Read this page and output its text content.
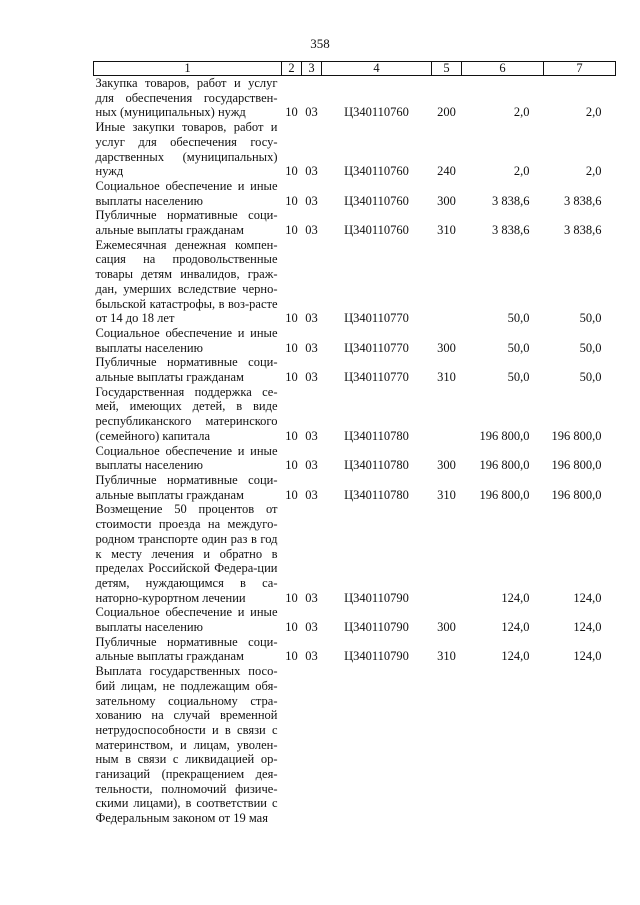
358
1	2	3	4	5	6	7
Закупка товаров, работ и услуг для обеспечения государствен-ных (муниципальных) нужд	10	03	Ц340110760	200	2,0	2,0
Иные закупки товаров, работ и услуг для обеспечения госу-дарственных (муниципальных) нужд	10	03	Ц340110760	240	2,0	2,0
Социальное обеспечение и иные выплаты населению	10	03	Ц340110760	300	3 838,6	3 838,6
Публичные нормативные соци-альные выплаты гражданам	10	03	Ц340110760	310	3 838,6	3 838,6
Ежемесячная денежная компен-сация на продовольственные товары детям инвалидов, граж-дан, умерших вследствие черно-быльской катастрофы, в воз-расте от 14 до 18 лет	10	03	Ц340110770		50,0	50,0
Социальное обеспечение и иные выплаты населению	10	03	Ц340110770	300	50,0	50,0
Публичные нормативные соци-альные выплаты гражданам	10	03	Ц340110770	310	50,0	50,0
Государственная поддержка се-мей, имеющих детей, в виде республиканского материнского (семейного) капитала	10	03	Ц340110780		196 800,0	196 800,0
Социальное обеспечение и иные выплаты населению	10	03	Ц340110780	300	196 800,0	196 800,0
Публичные нормативные соци-альные выплаты гражданам	10	03	Ц340110780	310	196 800,0	196 800,0
Возмещение 50 процентов от стоимости проезда на междуго-родном транспорте один раз в год к месту лечения и обратно в пределах Российской Федера-ции детям, нуждающимся в са-наторно-курортном лечении	10	03	Ц340110790		124,0	124,0
Социальное обеспечение и иные выплаты населению	10	03	Ц340110790	300	124,0	124,0
Публичные нормативные соци-альные выплаты гражданам	10	03	Ц340110790	310	124,0	124,0
Выплата государственных посо-бий лицам, не подлежащим обя-зательному социальному стра-хованию на случай временной нетрудоспособности и в связи с материнством, и лицам, уволен-ным в связи с ликвидацией ор-ганизаций (прекращением дея-тельности, полномочий физиче-скими лицами), в соответствии с Федеральным законом от 19 мая						
